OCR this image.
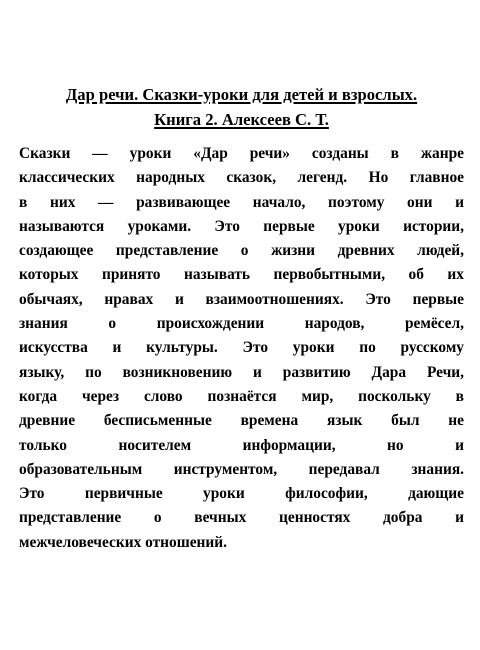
Дар речи. Сказки-уроки для детей и взрослых.
Книга 2. Алексеев С. Т.
Сказки — уроки «Дар речи» созданы в жанре
классических народных сказок, легенд. Но главное
в них — развивающее начало, поэтому они и
называются уроками. Это первые уроки истории,
создающее представление о жизни древних людей,
которых принято называть первобытными, об их
обычаях, нравах и взаимоотношениях. Это первые
знания о происхождении народов, ремёсел,
искусства и культуры. Это уроки по русскому
языку, по возникновению и развитию Дара Речи,
когда через слово познаётся мир, поскольку в
древние бесписьменные времена язык был не
только носителем информации, но и
образовательным инструментом, передавал знания.
Это первичные уроки философии, дающие
представление о вечных ценностях добра и
межчеловеческих отношений.
